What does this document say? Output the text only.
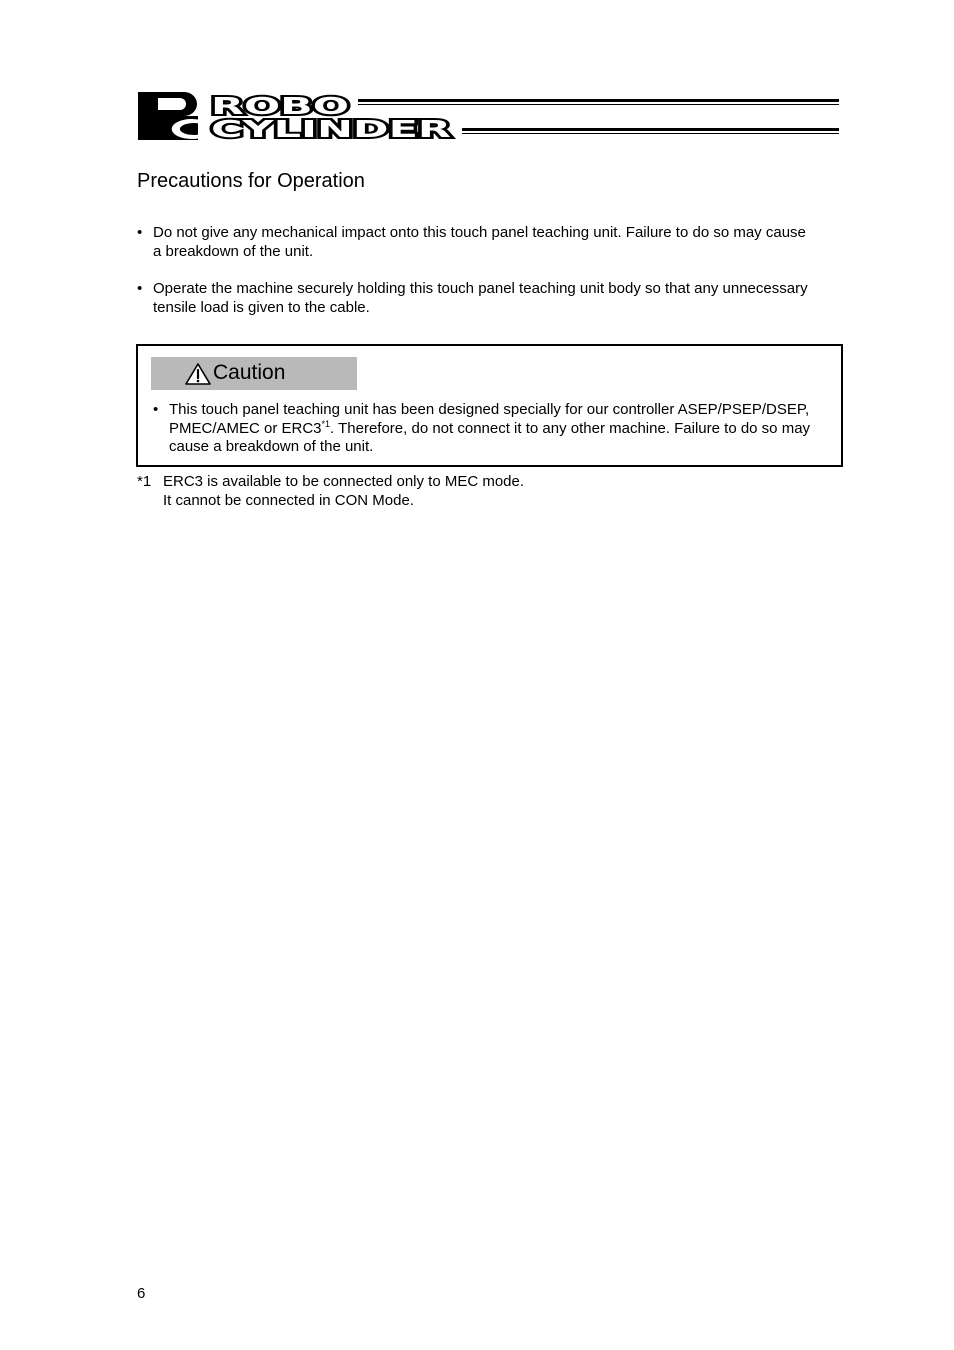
ROBO
CYLINDER
Precautions for Operation
• Do not give any mechanical impact onto this touch panel teaching unit. Failure to do so may cause a breakdown of the unit.
• Operate the machine securely holding this touch panel teaching unit body so that any unnecessary tensile load is given to the cable.
Caution
• This touch panel teaching unit has been designed specially for our controller ASEP/PSEP/DSEP, PMEC/AMEC or ERC3$^{*1}$. Therefore, do not connect it to any other machine. Failure to do so may cause a breakdown of the unit.
*1 ERC3 is available to be connected only to MEC mode.
It cannot be connected in CON Mode.
6
